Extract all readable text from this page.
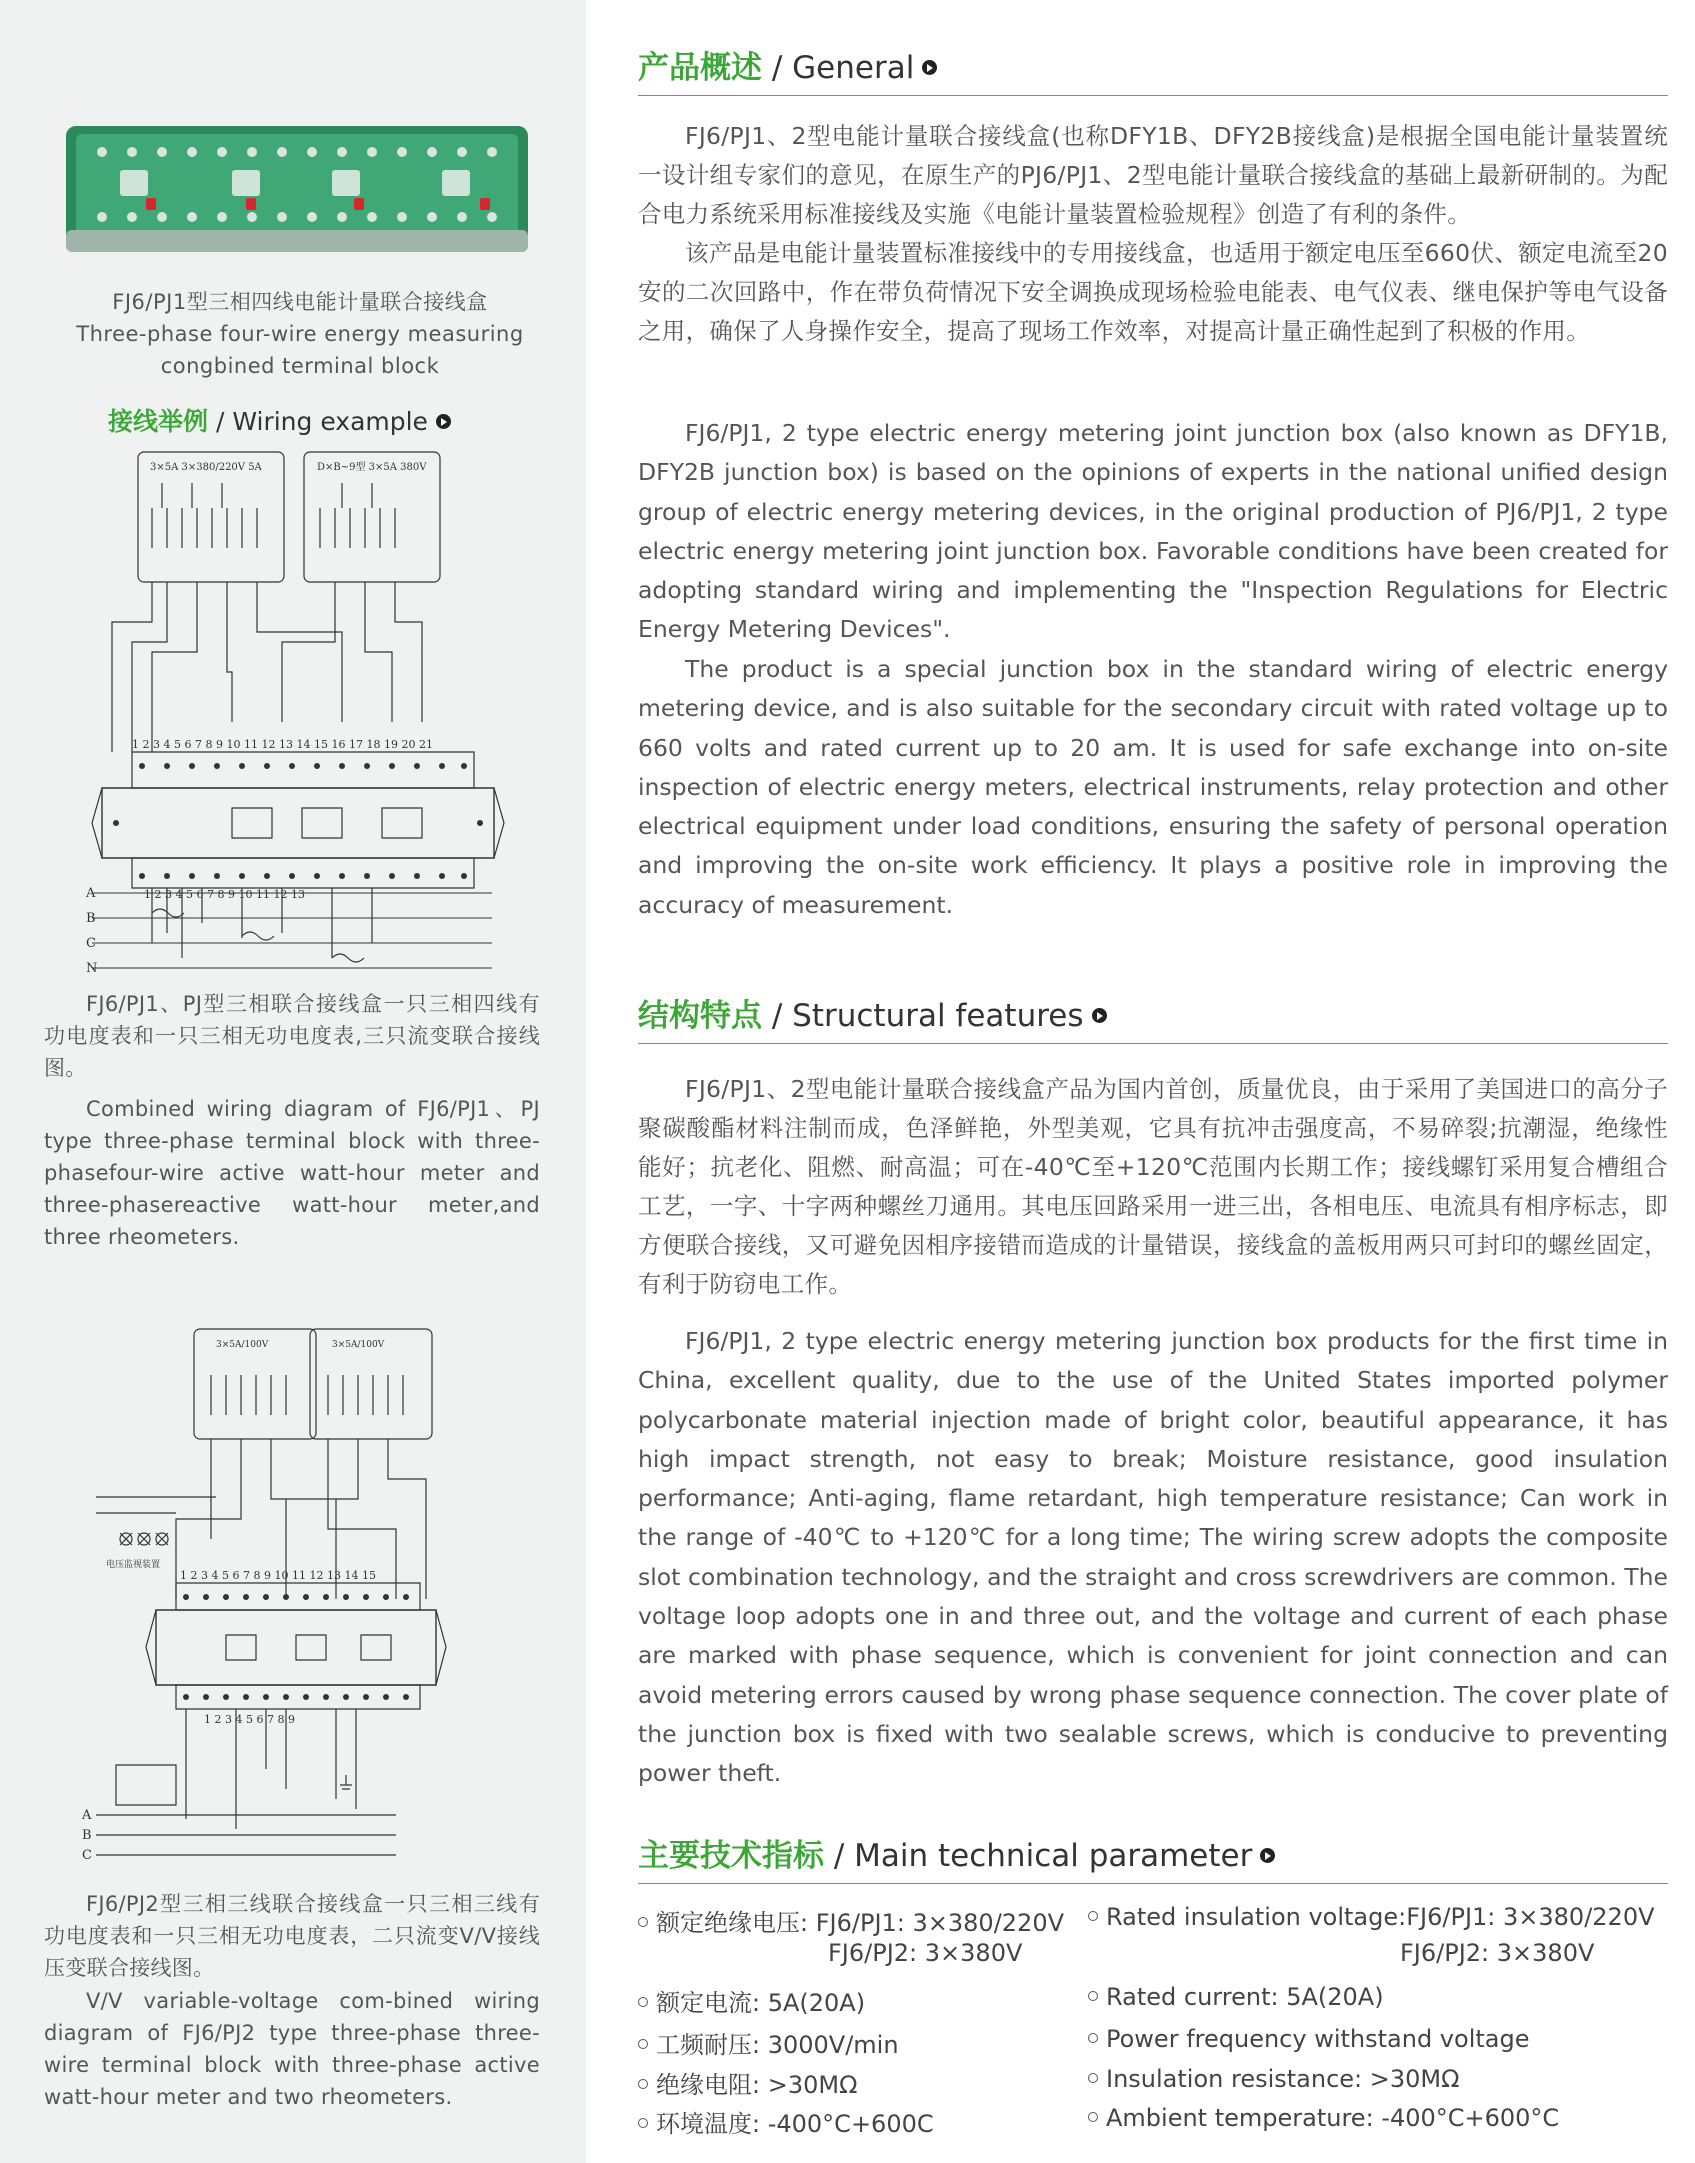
FJ6/PJ1型三相四线电能计量联合接线盒
Three-phase four-wire energy measuring
congbined terminal block
接线举例 / Wiring example
3×5A 3×380/220V 5A	D×B~9型 3×5A 380V
1 2 3 4 5 6 7 8 9 10 11 12 13 14 15 16 17 18 19 20 21
1 2 3 4 5 6 7 8 9 10 11 12 13
A
B
C
N
FJ6/PJ1、PJ型三相联合接线盒一只三相四线有功电度表和一只三相无功电度表,三只流变联合接线图。
Combined wiring diagram of FJ6/PJ1、PJ type three-phase terminal block with three-phasefour-wire active watt-hour meter and three-phasereactive watt-hour meter,and three rheometers.
3×5A/100V	3×5A/100V
电压监视装置
1 2 3 4 5 6 7 8 9 10 11 12 13 14 15
1 2 3 4 5 6 7 8 9
A
B
C
FJ6/PJ2型三相三线联合接线盒一只三相三线有功电度表和一只三相无功电度表，二只流变V/V接线压变联合接线图。
V/V variable-voltage com-bined wiring diagram of FJ6/PJ2 type three-phase three-wire terminal block with three-phase active watt-hour meter and two rheometers.
产品概述 / General
FJ6/PJ1、2型电能计量联合接线盒(也称DFY1B、DFY2B接线盒)是根据全国电能计量装置统一设计组专家们的意见，在原生产的PJ6/PJ1、2型电能计量联合接线盒的基础上最新研制的。为配合电力系统采用标准接线及实施《电能计量装置检验规程》创造了有利的条件。
该产品是电能计量装置标准接线中的专用接线盒，也适用于额定电压至660伏、额定电流至20安的二次回路中，作在带负荷情况下安全调换成现场检验电能表、电气仪表、继电保护等电气设备之用，确保了人身操作安全，提高了现场工作效率，对提高计量正确性起到了积极的作用。
FJ6/PJ1, 2 type electric energy metering joint junction box (also known as DFY1B, DFY2B junction box) is based on the opinions of experts in the national unified design group of electric energy metering devices, in the original production of PJ6/PJ1, 2 type electric energy metering joint junction box. Favorable conditions have been created for adopting standard wiring and implementing the "Inspection Regulations for Electric Energy Metering Devices".
The product is a special junction box in the standard wiring of electric energy metering device, and is also suitable for the secondary circuit with rated voltage up to 660 volts and rated current up to 20 am. It is used for safe exchange into on-site inspection of electric energy meters, electrical instruments, relay protection and other electrical equipment under load conditions, ensuring the safety of personal operation and improving the on-site work efficiency. It plays a positive role in improving the accuracy of measurement.
结构特点 / Structural features
FJ6/PJ1、2型电能计量联合接线盒产品为国内首创，质量优良，由于采用了美国进口的高分子聚碳酸酯材料注制而成，色泽鲜艳，外型美观，它具有抗冲击强度高，不易碎裂;抗潮湿，绝缘性能好；抗老化、阻燃、耐高温；可在-40℃至+120℃范围内长期工作；接线螺钉采用复合槽组合工艺，一字、十字两种螺丝刀通用。其电压回路采用一进三出，各相电压、电流具有相序标志，即方便联合接线，又可避免因相序接错而造成的计量错误，接线盒的盖板用两只可封印的螺丝固定，有利于防窃电工作。
FJ6/PJ1, 2 type electric energy metering junction box products for the first time in China, excellent quality, due to the use of the United States imported polymer polycarbonate material injection made of bright color, beautiful appearance, it has high impact strength, not easy to break; Moisture resistance, good insulation performance; Anti-aging, flame retardant, high temperature resistance; Can work in the range of -40℃ to +120℃ for a long time; The wiring screw adopts the composite slot combination technology, and the straight and cross screwdrivers are common. The voltage loop adopts one in and three out, and the voltage and current of each phase are marked with phase sequence, which is convenient for joint connection and can avoid metering errors caused by wrong phase sequence connection. The cover plate of the junction box is fixed with two sealable screws, which is conducive to preventing power theft.
主要技术指标 / Main technical parameter
额定绝缘电压: FJ6/PJ1: 3×380/220V
FJ6/PJ2: 3×380V
额定电流: 5A(20A)
工频耐压: 3000V/min
绝缘电阻: >30MΩ
环境温度: -400°C+600C
Rated insulation voltage:FJ6/PJ1: 3×380/220V
FJ6/PJ2: 3×380V
Rated current: 5A(20A)
Power frequency withstand voltage
Insulation resistance: >30MΩ
Ambient temperature: -400°C+600°C
